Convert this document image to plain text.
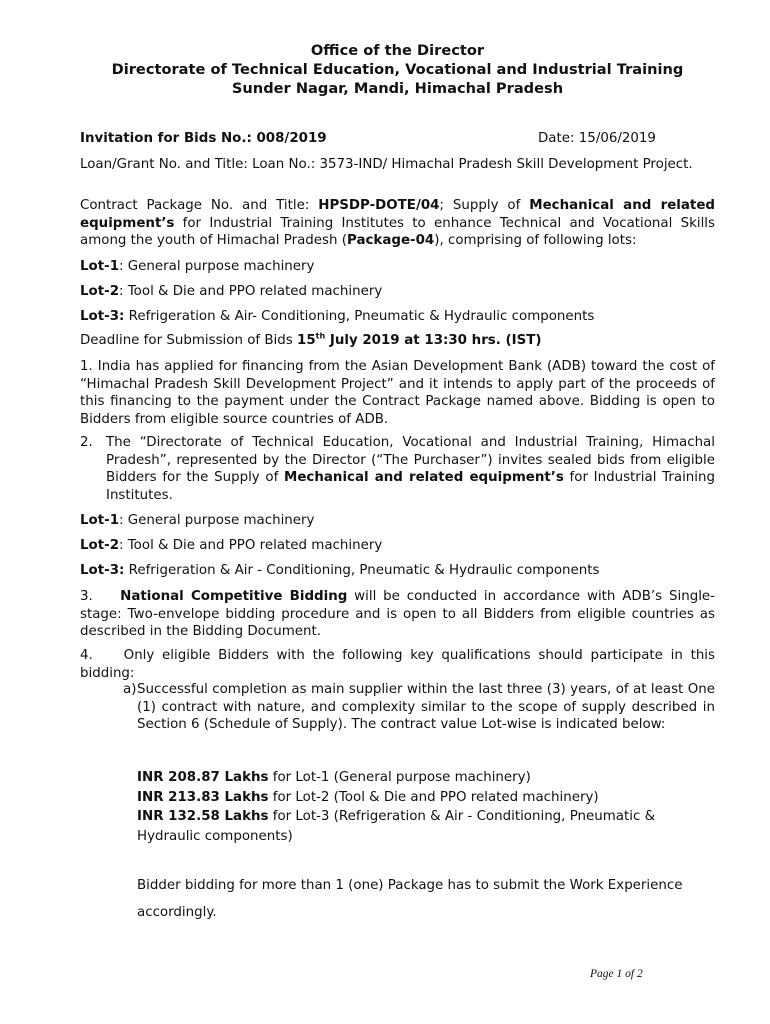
Office of the Director
Directorate of Technical Education, Vocational and Industrial Training
Sunder Nagar, Mandi, Himachal Pradesh
Invitation for Bids No.: 008/2019	Date: 15/06/2019

Loan/Grant No. and Title: Loan No.: 3573-IND/ Himachal Pradesh Skill Development Project.

Contract Package No. and Title: HPSDP-DOTE/04; Supply of Mechanical and related equipment’s for Industrial Training Institutes to enhance Technical and Vocational Skills among the youth of Himachal Pradesh (Package-04), comprising of following lots:

Lot-1: General purpose machinery

Lot-2: Tool & Die and PPO related machinery

Lot-3: Refrigeration & Air- Conditioning, Pneumatic & Hydraulic components

Deadline for Submission of Bids 15th July 2019 at 13:30 hrs. (IST)

1. India has applied for financing from the Asian Development Bank (ADB) toward the cost of “Himachal Pradesh Skill Development Project” and it intends to apply part of the proceeds of this financing to the payment under the Contract Package named above. Bidding is open to Bidders from eligible source countries of ADB.

2. The “Directorate of Technical Education, Vocational and Industrial Training, Himachal Pradesh”, represented by the Director (“The Purchaser”) invites sealed bids from eligible Bidders for the Supply of Mechanical and related equipment’s for Industrial Training Institutes.

Lot-1: General purpose machinery

Lot-2: Tool & Die and PPO related machinery

Lot-3: Refrigeration & Air - Conditioning, Pneumatic & Hydraulic components

3.    National Competitive Bidding will be conducted in accordance with ADB’s Single-stage: Two-envelope bidding procedure and is open to all Bidders from eligible countries as described in the Bidding Document.

4.    Only eligible Bidders with the following key qualifications should participate in this bidding:

a) Successful completion as main supplier within the last three (3) years, of at least One (1) contract with nature, and complexity similar to the scope of supply described in Section 6 (Schedule of Supply). The contract value Lot-wise is indicated below:

INR 208.87 Lakhs for Lot-1 (General purpose machinery)

INR 213.83 Lakhs for Lot-2 (Tool & Die and PPO related machinery)

INR 132.58 Lakhs for Lot-3 (Refrigeration & Air - Conditioning, Pneumatic & Hydraulic components)

Bidder bidding for more than 1 (one) Package has to submit the Work Experience accordingly.

Page 1 of 2
